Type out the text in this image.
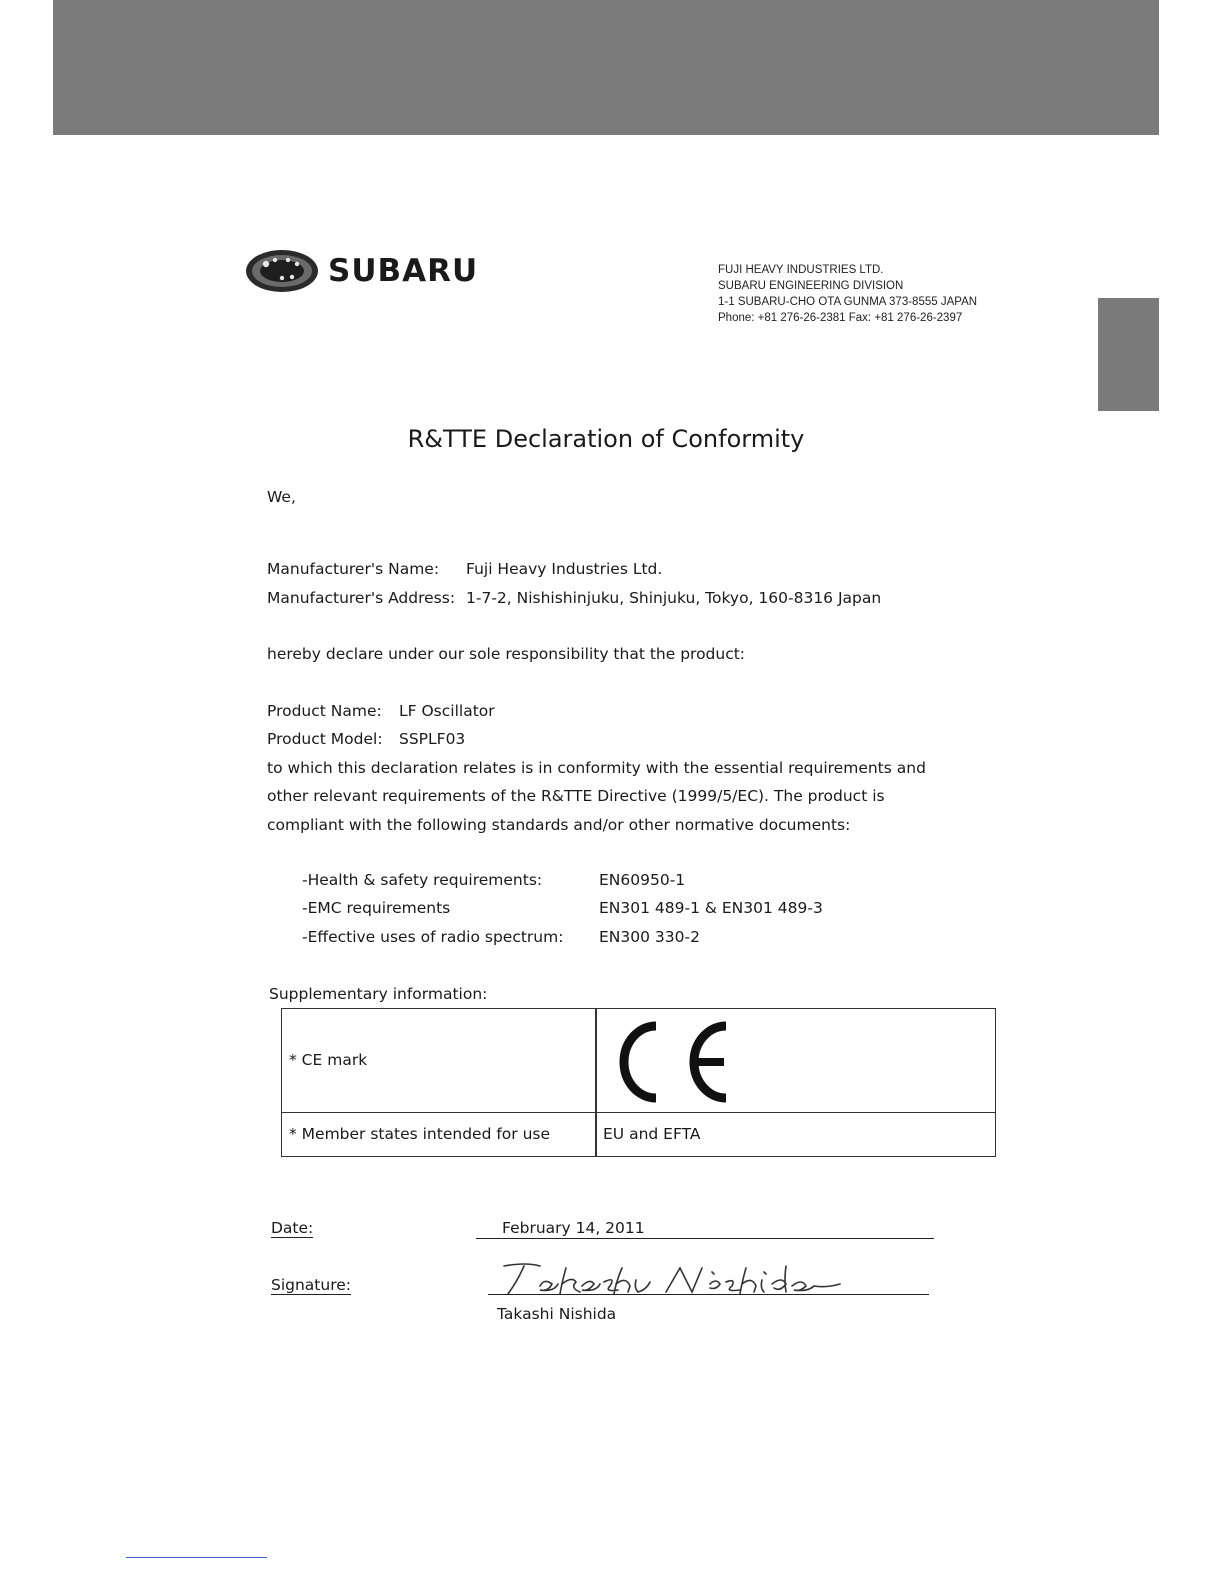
SUBARU	FUJI HEAVY INDUSTRIES LTD.
SUBARU ENGINEERING DIVISION
1-1 SUBARU-CHO OTA GUNMA 373-8555 JAPAN
Phone: +81 276-26-2381 Fax: +81 276-26-2397
R&TTE Declaration of Conformity
We,
Manufacturer's Name: Fuji Heavy Industries Ltd.
Manufacturer's Address: 1-7-2, Nishishinjuku, Shinjuku, Tokyo, 160-8316 Japan
hereby declare under our sole responsibility that the product:
Product Name: LF Oscillator
Product Model: SSPLF03
to which this declaration relates is in conformity with the essential requirements and
other relevant requirements of the R&TTE Directive (1999/5/EC). The product is
compliant with the following standards and/or other normative documents:
-Health & safety requirements:	EN60950-1
-EMC requirements	EN301 489-1 & EN301 489-3
-Effective uses of radio spectrum: EN300 330-2
Supplementary information:
* CE mark
* Member states intended for use	EU and EFTA
Date:	February 14, 2011
Signature:
Takashi Nishida
